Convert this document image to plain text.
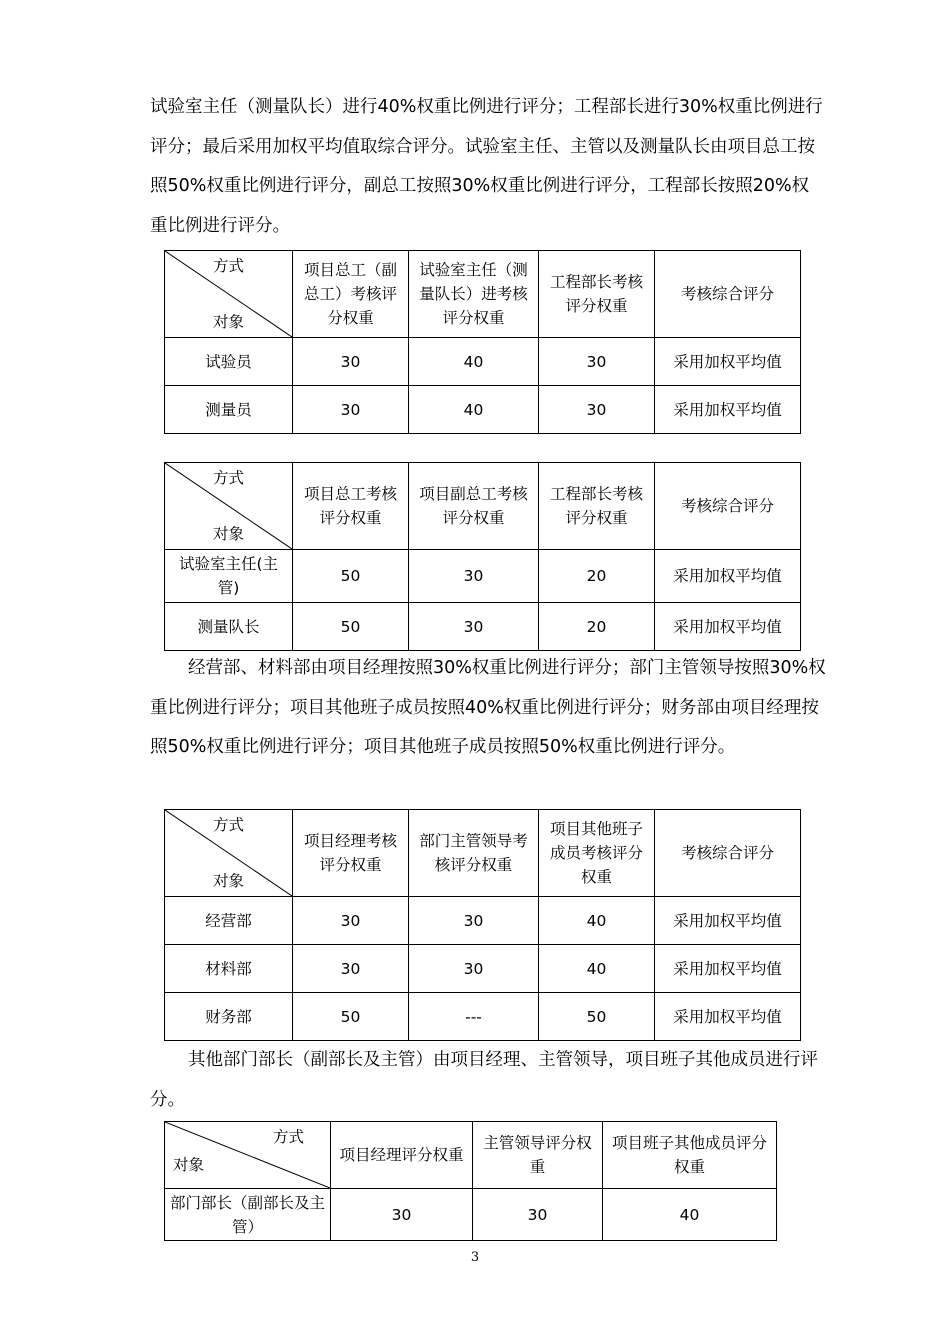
试验室主任（测量队长）进行40%权重比例进行评分；工程部长进行30%权重比例进行评分；最后采用加权平均值取综合评分。试验室主任、主管以及测量队长由项目总工按照50%权重比例进行评分，副总工按照30%权重比例进行评分，工程部长按照20%权重比例进行评分。

方式
对象	项目总工（副总工）考核评分权重	试验室主任（测量队长）进考核评分权重	工程部长考核评分权重	考核综合评分
试验员	30	40	30	采用加权平均值
测量员	30	40	30	采用加权平均值
方式
对象	项目总工考核评分权重	项目副总工考核评分权重	工程部长考核评分权重	考核综合评分
试验室主任(主管)	50	30	20	采用加权平均值
测量队长	50	30	20	采用加权平均值

经营部、材料部由项目经理按照30%权重比例进行评分；部门主管领导按照30%权重比例进行评分；项目其他班子成员按照40%权重比例进行评分；财务部由项目经理按照50%权重比例进行评分；项目其他班子成员按照50%权重比例进行评分。

方式
对象	项目经理考核评分权重	部门主管领导考核评分权重	项目其他班子成员考核评分权重	考核综合评分
经营部	30	30	40	采用加权平均值
材料部	30	30	40	采用加权平均值
财务部	50	---	50	采用加权平均值

其他部门部长（副部长及主管）由项目经理、主管领导，项目班子其他成员进行评分。

方式
对象	项目经理评分权重	主管领导评分权重	项目班子其他成员评分权重
部门部长（副部长及主管）	30	30	40
3
